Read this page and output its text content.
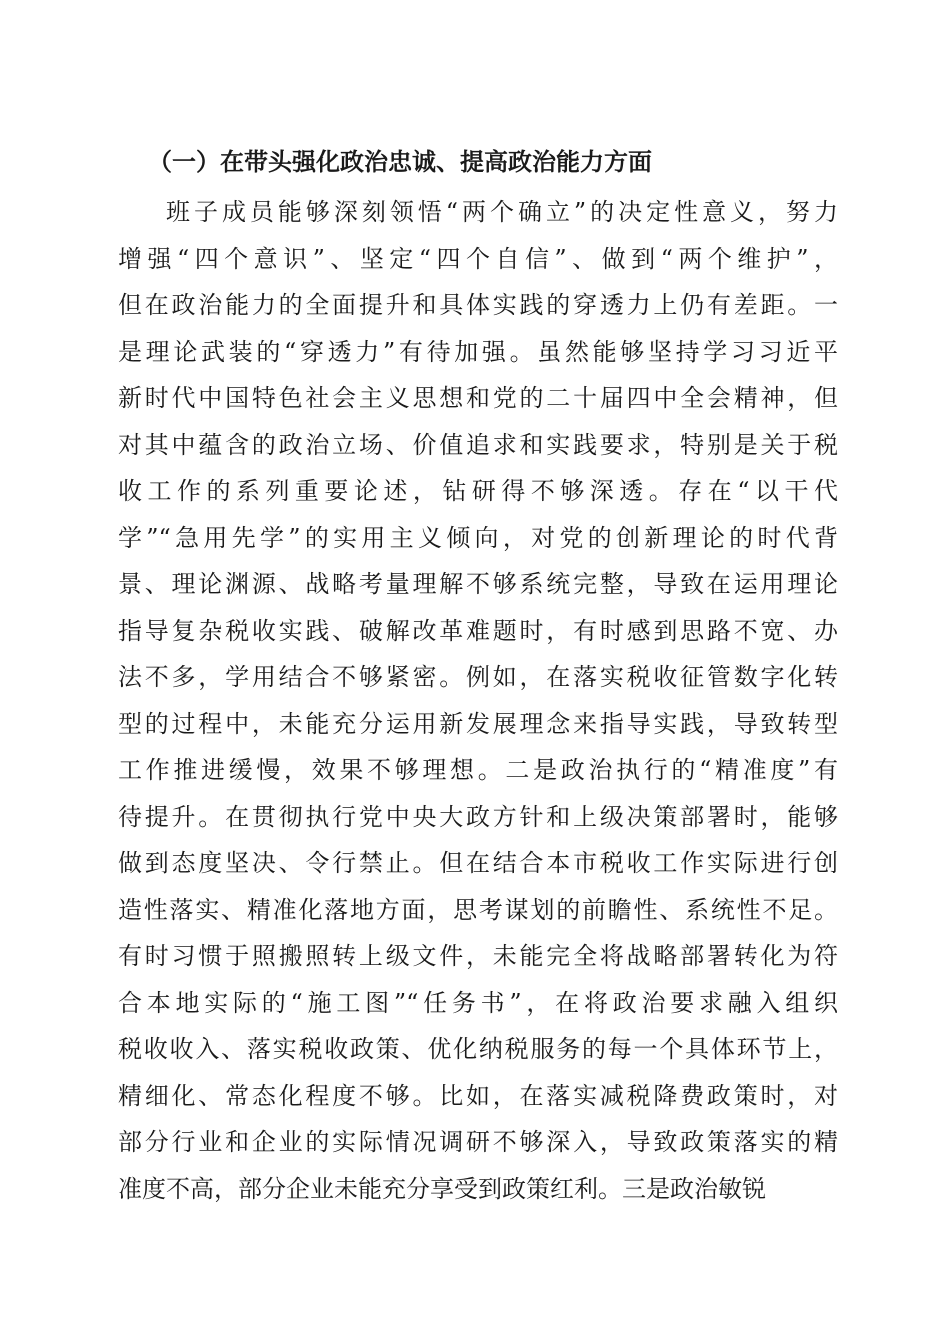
（一）在带头强化政治忠诚、提高政治能力方面
班子成员能够深刻领悟“两个确立”的决定性意义，努力
增强“四个意识”、坚定“四个自信”、做到“两个维护”，
但在政治能力的全面提升和具体实践的穿透力上仍有差距。一
是理论武装的“穿透力”有待加强。虽然能够坚持学习习近平
新时代中国特色社会主义思想和党的二十届四中全会精神，但
对其中蕴含的政治立场、价值追求和实践要求，特别是关于税
收工作的系列重要论述，钻研得不够深透。存在“以干代
学”“急用先学”的实用主义倾向，对党的创新理论的时代背
景、理论渊源、战略考量理解不够系统完整，导致在运用理论
指导复杂税收实践、破解改革难题时，有时感到思路不宽、办
法不多，学用结合不够紧密。例如，在落实税收征管数字化转
型的过程中，未能充分运用新发展理念来指导实践，导致转型
工作推进缓慢，效果不够理想。二是政治执行的“精准度”有
待提升。在贯彻执行党中央大政方针和上级决策部署时，能够
做到态度坚决、令行禁止。但在结合本市税收工作实际进行创
造性落实、精准化落地方面，思考谋划的前瞻性、系统性不足。
有时习惯于照搬照转上级文件，未能完全将战略部署转化为符
合本地实际的“施工图”“任务书”，在将政治要求融入组织
税收收入、落实税收政策、优化纳税服务的每一个具体环节上，
精细化、常态化程度不够。比如，在落实减税降费政策时，对
部分行业和企业的实际情况调研不够深入，导致政策落实的精
准度不高，部分企业未能充分享受到政策红利。三是政治敏锐
